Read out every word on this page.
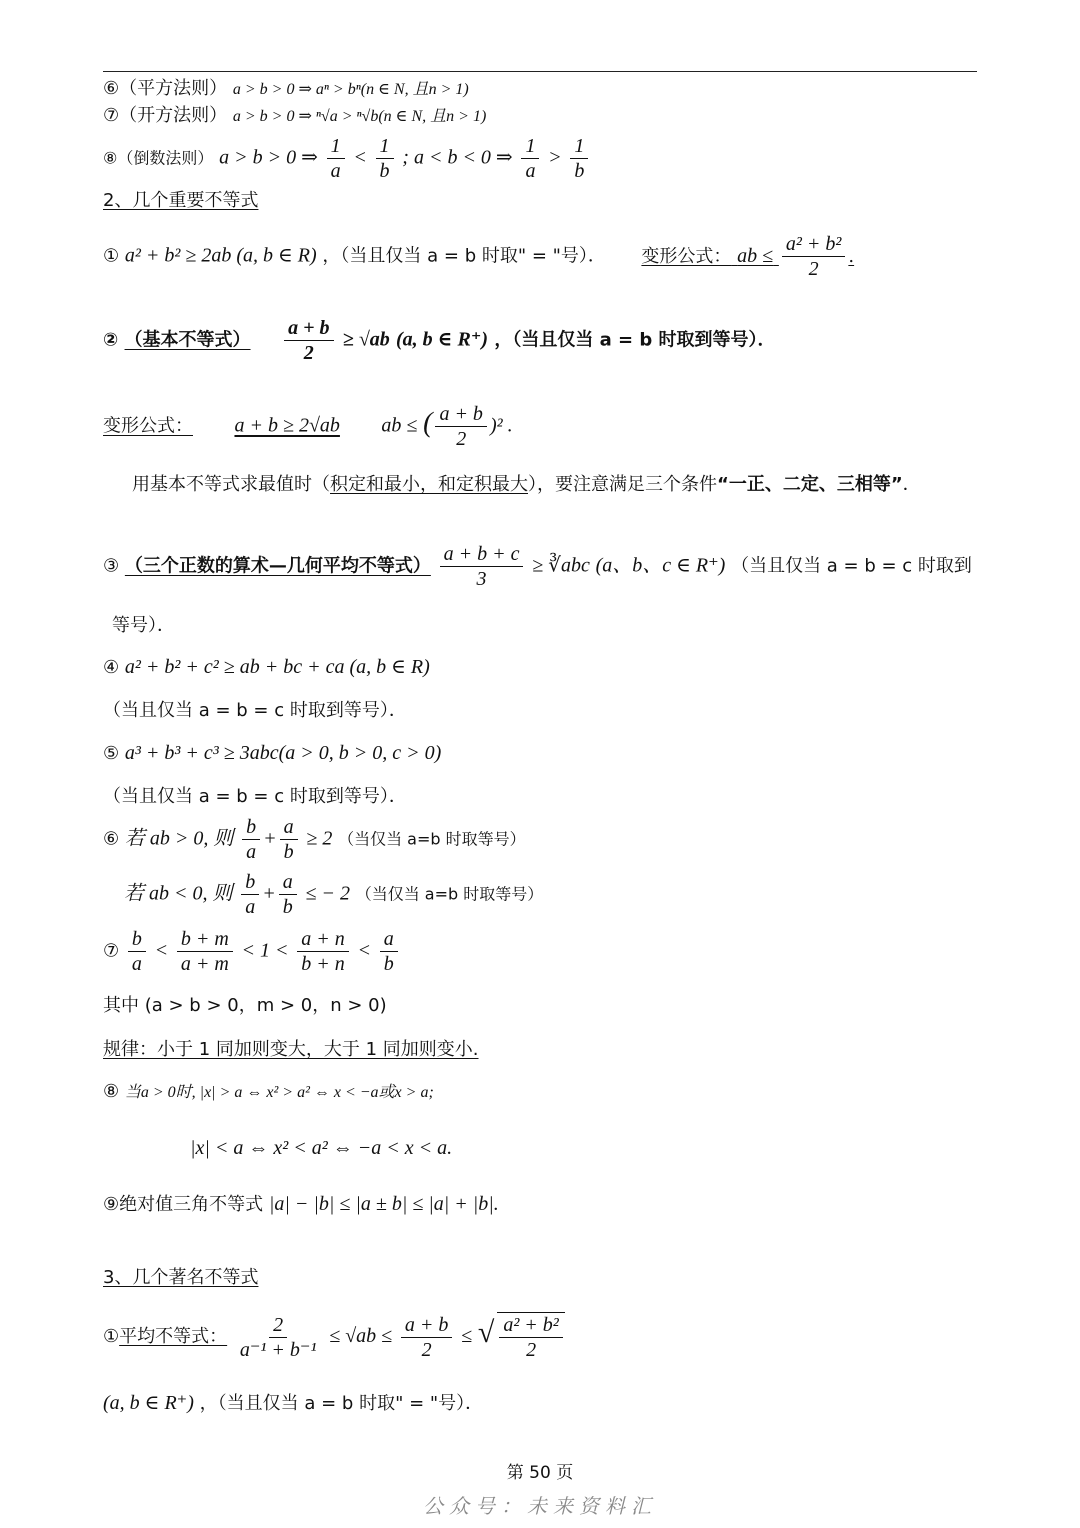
⑥（平方法则） a > b > 0 ⇒ aⁿ > bⁿ(n ∈ N, 且n > 1)
⑦（开方法则） a > b > 0 ⇒ ⁿ√a > ⁿ√b(n ∈ N, 且n > 1)
⑧（倒数法则） a > b > 0 ⇒ $\frac{1}{a} < \frac{1}{b}$ ; a < b < 0 ⇒ $\frac{1}{a} > \frac{1}{b}$
2、几个重要不等式
① a² + b² ≥ 2ab (a, b ∈ R) ，（当且仅当 a = b 时取" = "号）． 变形公式： ab ≤ $\frac{\text{a² + b²}}{2}$ .
② （基本不等式） $\frac{a + b}{2} \ge √ab$ (a, b ∈ R⁺) ，（当且仅当 a = b 时取到等号）．
变形公式： a + b ≥ 2√ab ab ≤ ( $\frac{a + b}{2} )^2$ .
用基本不等式求最值时（积定和最小，和定积最大），要注意满足三个条件“一正、二定、三相等”．
③ （三个正数的算术—几何平均不等式） $\frac{a + b + c}{3}$ ≥ ∛abc (a、b、c ∈ R⁺) （当且仅当 a = b = c 时取到
等号）．
④ a² + b² + c² ≥ ab + bc + ca (a, b ∈ R)
（当且仅当 a = b = c 时取到等号）．
⑤ a³ + b³ + c³ ≥ 3abc(a > 0, b > 0, c > 0)
（当且仅当 a = b = c 时取到等号）．
⑥ 若 ab > 0, 则 $\frac{b}{a} + \frac{a}{b} \ge 2$ （当仅当 a=b 时取等号）
若 ab < 0, 则 $\frac{b}{a} + \frac{a}{b}$ ≤ − 2 （当仅当 a=b 时取等号）
⑦ $\frac{b}{a} < \frac{b + m}{a + m} < 1 < \frac{a + n}{b + n} < \frac{a}{b}$
其中 (a > b > 0，m > 0，n > 0)
规律：小于 1 同加则变大，大于 1 同加则变小.
⑧ 当a > 0时, |x| > a ⇔ x² > a² ⇔ x < −a或x > a;
|x| < a ⇔ x² < a² ⇔ −a < x < a.
⑨绝对值三角不等式 |a| − |b| ≤ |a ± b| ≤ |a| + |b|.
3、几个著名不等式
①平均不等式： $\frac{2}{\text{a⁻¹ + b⁻¹}} \le √ab \le \frac{a + b}{2}$ ≤ √ $\frac{\text{a² + b²}}{2}$
(a, b ∈ R⁺) ，（当且仅当 a = b 时取" = "号）．
第 50 页
公众号：未来资料汇
